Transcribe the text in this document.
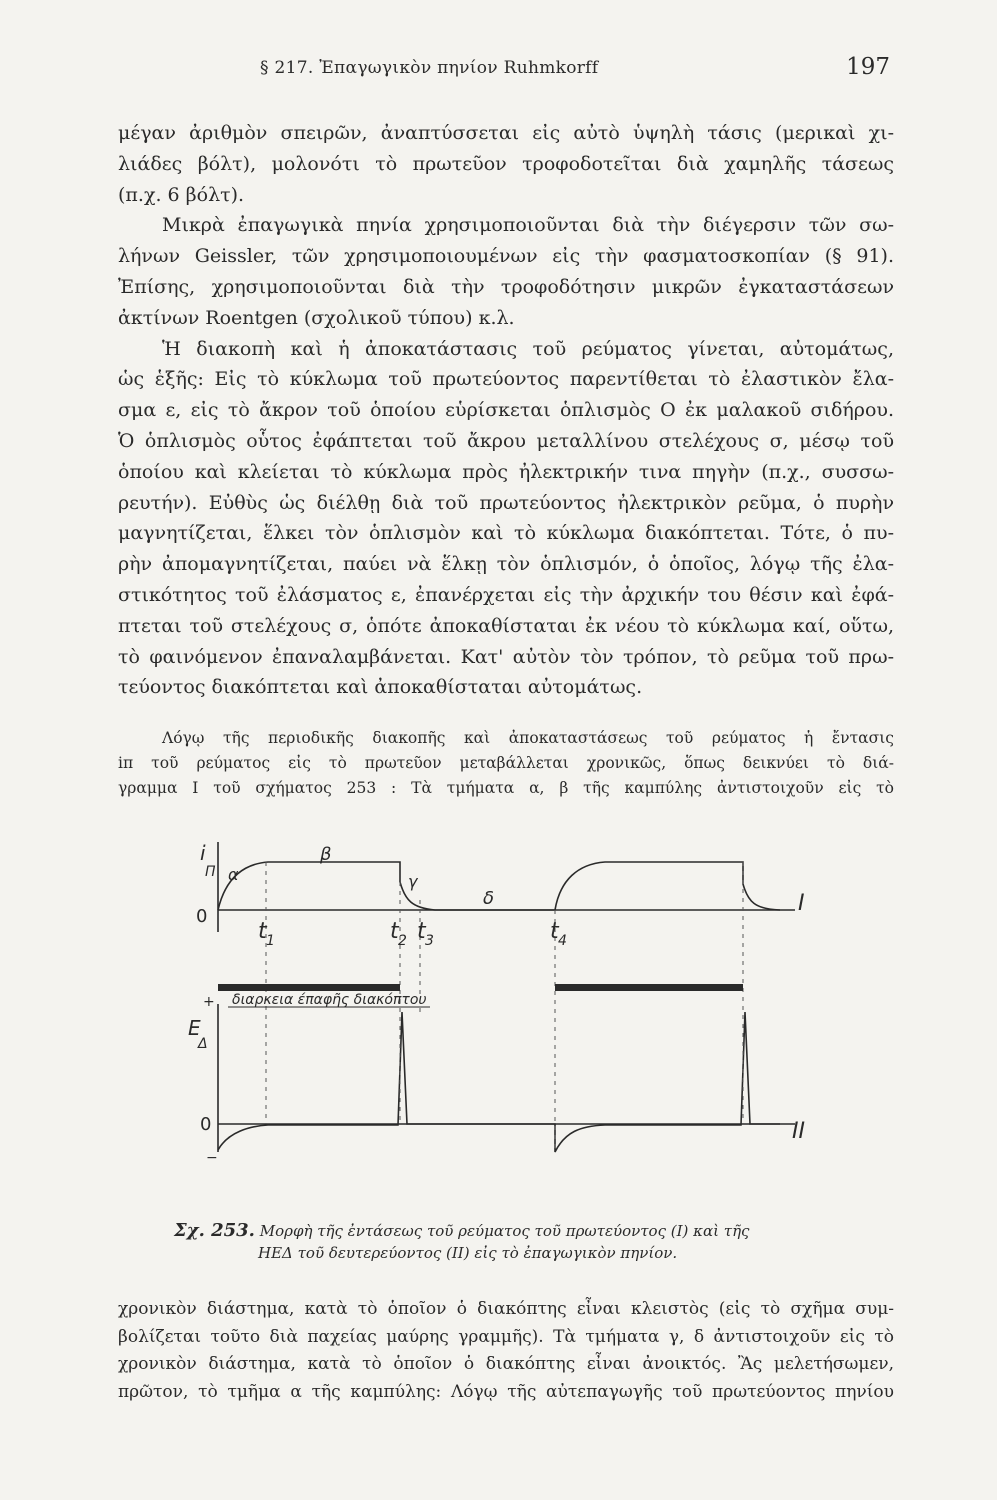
§ 217. Ἐπαγωγικὸν πηνίον Ruhmkorff	197
μέγαν ἀριθμὸν σπειρῶν, ἀναπτύσσεται εἰς αὐτὸ ὑψηλὴ τάσις (μερικαὶ χι-
λιάδες βόλτ), μολονότι τὸ πρωτεῦον τροφοδοτεῖται διὰ χαμηλῆς τάσεως
(π.χ. 6 βόλτ).
Μικρὰ ἐπαγωγικὰ πηνία χρησιμοποιοῦνται διὰ τὴν διέγερσιν τῶν σω-
λήνων Geissler, τῶν χρησιμοποιουμένων εἰς τὴν φασματοσκοπίαν (§ 91).
Ἐπίσης, χρησιμοποιοῦνται διὰ τὴν τροφοδότησιν μικρῶν ἐγκαταστάσεων
ἀκτίνων Roentgen (σχολικοῦ τύπου) κ.λ.
Ἡ διακοπὴ καὶ ἡ ἀποκατάστασις τοῦ ρεύματος γίνεται, αὐτομάτως,
ὡς ἑξῆς: Εἰς τὸ κύκλωμα τοῦ πρωτεύοντος παρεντίθεται τὸ ἐλαστικὸν ἔλα-
σμα ε, εἰς τὸ ἄκρον τοῦ ὁποίου εὑρίσκεται ὁπλισμὸς Ο ἐκ μαλακοῦ σιδήρου.
Ὁ ὁπλισμὸς οὗτος ἐφάπτεται τοῦ ἄκρου μεταλλίνου στελέχους σ, μέσῳ τοῦ
ὁποίου καὶ κλείεται τὸ κύκλωμα πρὸς ἠλεκτρικήν τινα πηγὴν (π.χ., συσσω-
ρευτήν). Εὐθὺς ὡς διέλθῃ διὰ τοῦ πρωτεύοντος ἠλεκτρικὸν ρεῦμα, ὁ πυρὴν
μαγνητίζεται, ἕλκει τὸν ὁπλισμὸν καὶ τὸ κύκλωμα διακόπτεται. Τότε, ὁ πυ-
ρὴν ἀπομαγνητίζεται, παύει νὰ ἕλκῃ τὸν ὁπλισμόν, ὁ ὁποῖος, λόγῳ τῆς ἐλα-
στικότητος τοῦ ἐλάσματος ε, ἐπανέρχεται εἰς τὴν ἀρχικήν του θέσιν καὶ ἐφά-
πτεται τοῦ στελέχους σ, ὁπότε ἀποκαθίσταται ἐκ νέου τὸ κύκλωμα καί, οὕτω,
τὸ φαινόμενον ἐπαναλαμβάνεται. Κατ' αὐτὸν τὸν τρόπον, τὸ ρεῦμα τοῦ πρω-
τεύοντος διακόπτεται καὶ ἀποκαθίσταται αὐτομάτως.
Λόγῳ τῆς περιοδικῆς διακοπῆς καὶ ἀποκαταστάσεως τοῦ ρεύματος ἡ ἔντασις
iπ τοῦ ρεύματος εἰς τὸ πρωτεῦον μεταβάλλεται χρονικῶς, ὅπως δεικνύει τὸ διά-
γραμμα I τοῦ σχήματος 253 : Τὰ τμήματα α, β τῆς καμπύλης ἀντιστοιχοῦν εἰς τὸ
i
Π
0
α
β
γ
δ
t 1	t 2 t 3	t 4
I
διαρκεια έπαφῆς διακόπτου
+
E
Δ
0
−
II
Σχ. 253. Μορφὴ τῆς ἐντάσεως τοῦ ρεύματος τοῦ πρωτεύοντος (I) καὶ τῆς
ΗΕΔ τοῦ δευτερεύοντος (II) εἰς τὸ ἐπαγωγικὸν πηνίον.
χρονικὸν διάστημα, κατὰ τὸ ὁποῖον ὁ διακόπτης εἶναι κλειστὸς (εἰς τὸ σχῆμα συμ-
βολίζεται τοῦτο διὰ παχείας μαύρης γραμμῆς). Τὰ τμήματα γ, δ ἀντιστοιχοῦν εἰς τὸ
χρονικὸν διάστημα, κατὰ τὸ ὁποῖον ὁ διακόπτης εἶναι ἀνοικτός. Ἂς μελετήσωμεν,
πρῶτον, τὸ τμῆμα α τῆς καμπύλης: Λόγῳ τῆς αὐτεπαγωγῆς τοῦ πρωτεύοντος πηνίου
